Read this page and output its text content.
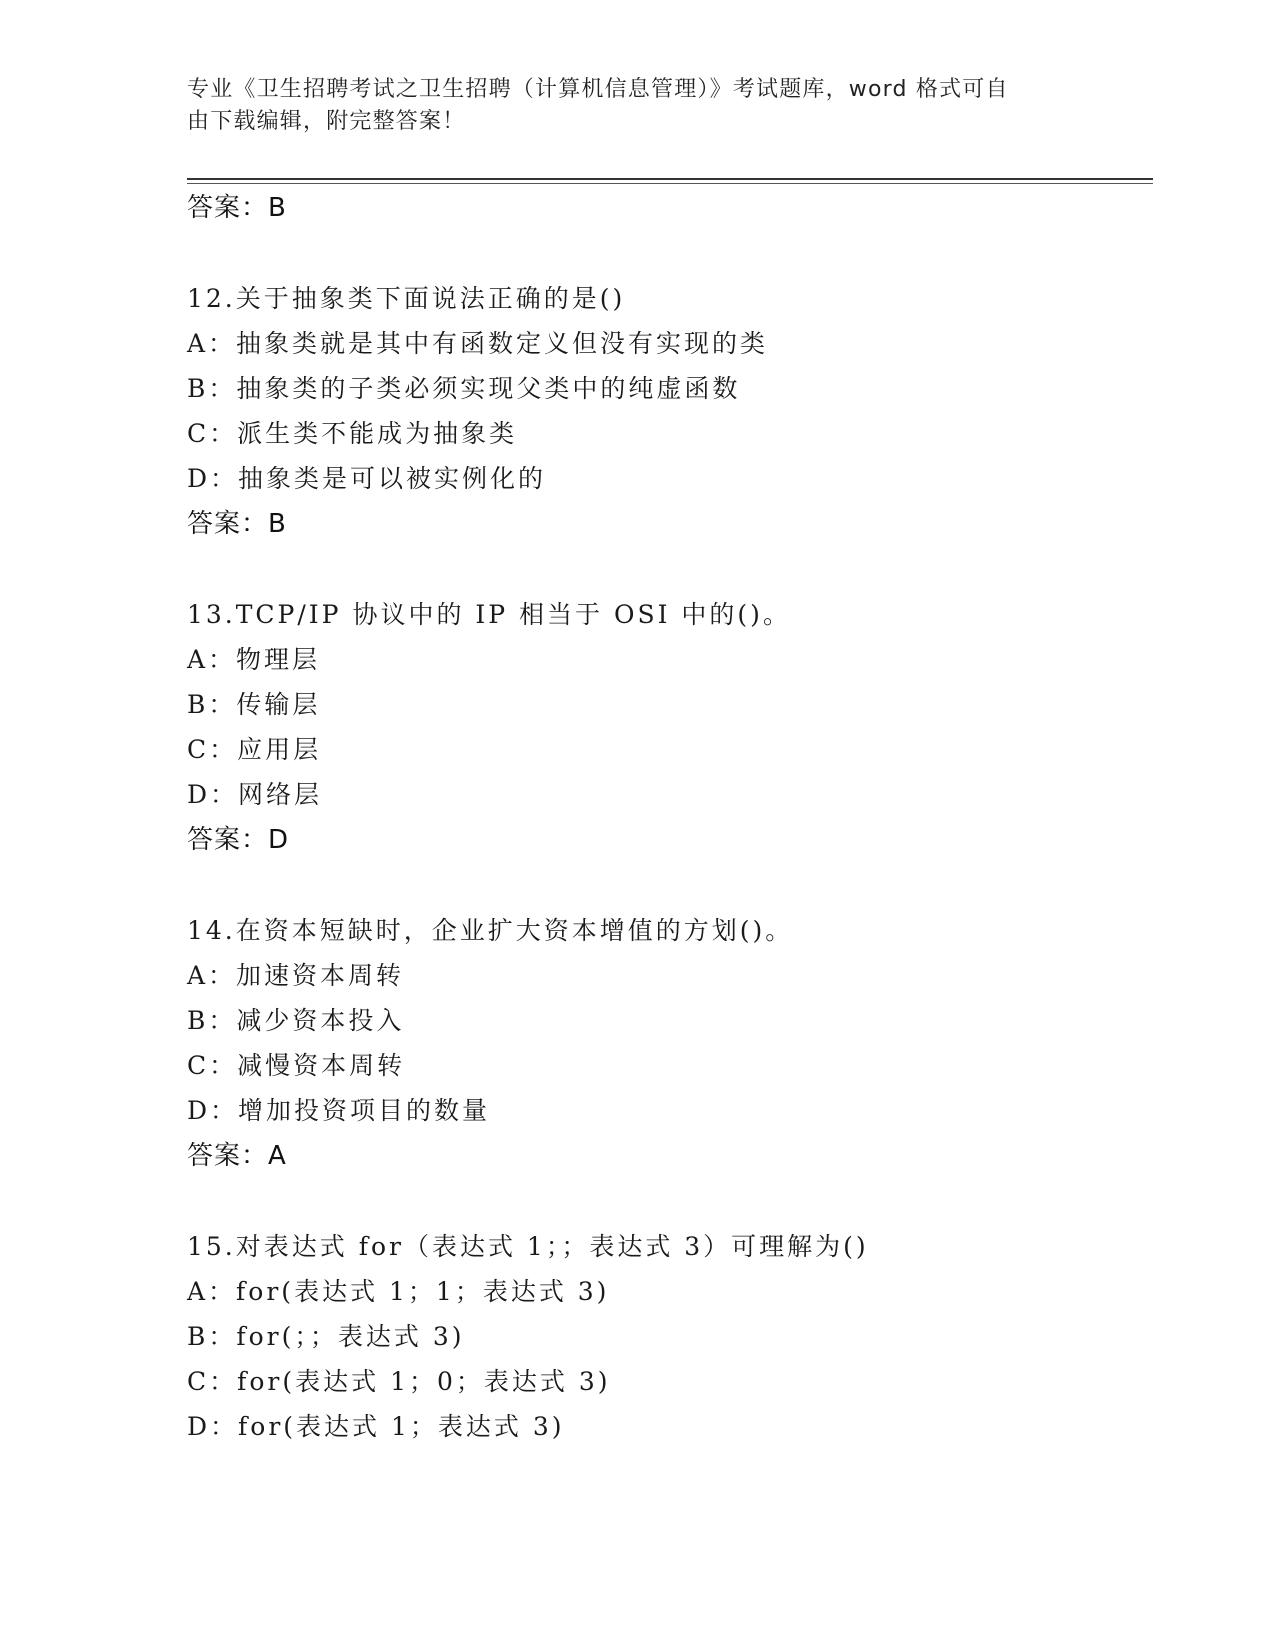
专业《卫生招聘考试之卫生招聘（计算机信息管理）》考试题库，word 格式可自
由下载编辑，附完整答案！
答案：B
12.关于抽象类下面说法正确的是()
A：抽象类就是其中有函数定义但没有实现的类
B：抽象类的子类必须实现父类中的纯虚函数
C：派生类不能成为抽象类
D：抽象类是可以被实例化的
答案：B
13.TCP/IP 协议中的 IP 相当于 OSI 中的()。
A：物理层
B：传输层
C：应用层
D：网络层
答案：D
14.在资本短缺时，企业扩大资本增值的方划()。
A：加速资本周转
B：减少资本投入
C：减慢资本周转
D：增加投资项目的数量
答案：A
15.对表达式 for（表达式 1；；表达式 3）可理解为()
A：for(表达式 1；1；表达式 3)
B：for(；；表达式 3)
C：for(表达式 1；0；表达式 3)
D：for(表达式 1；表达式 3)
